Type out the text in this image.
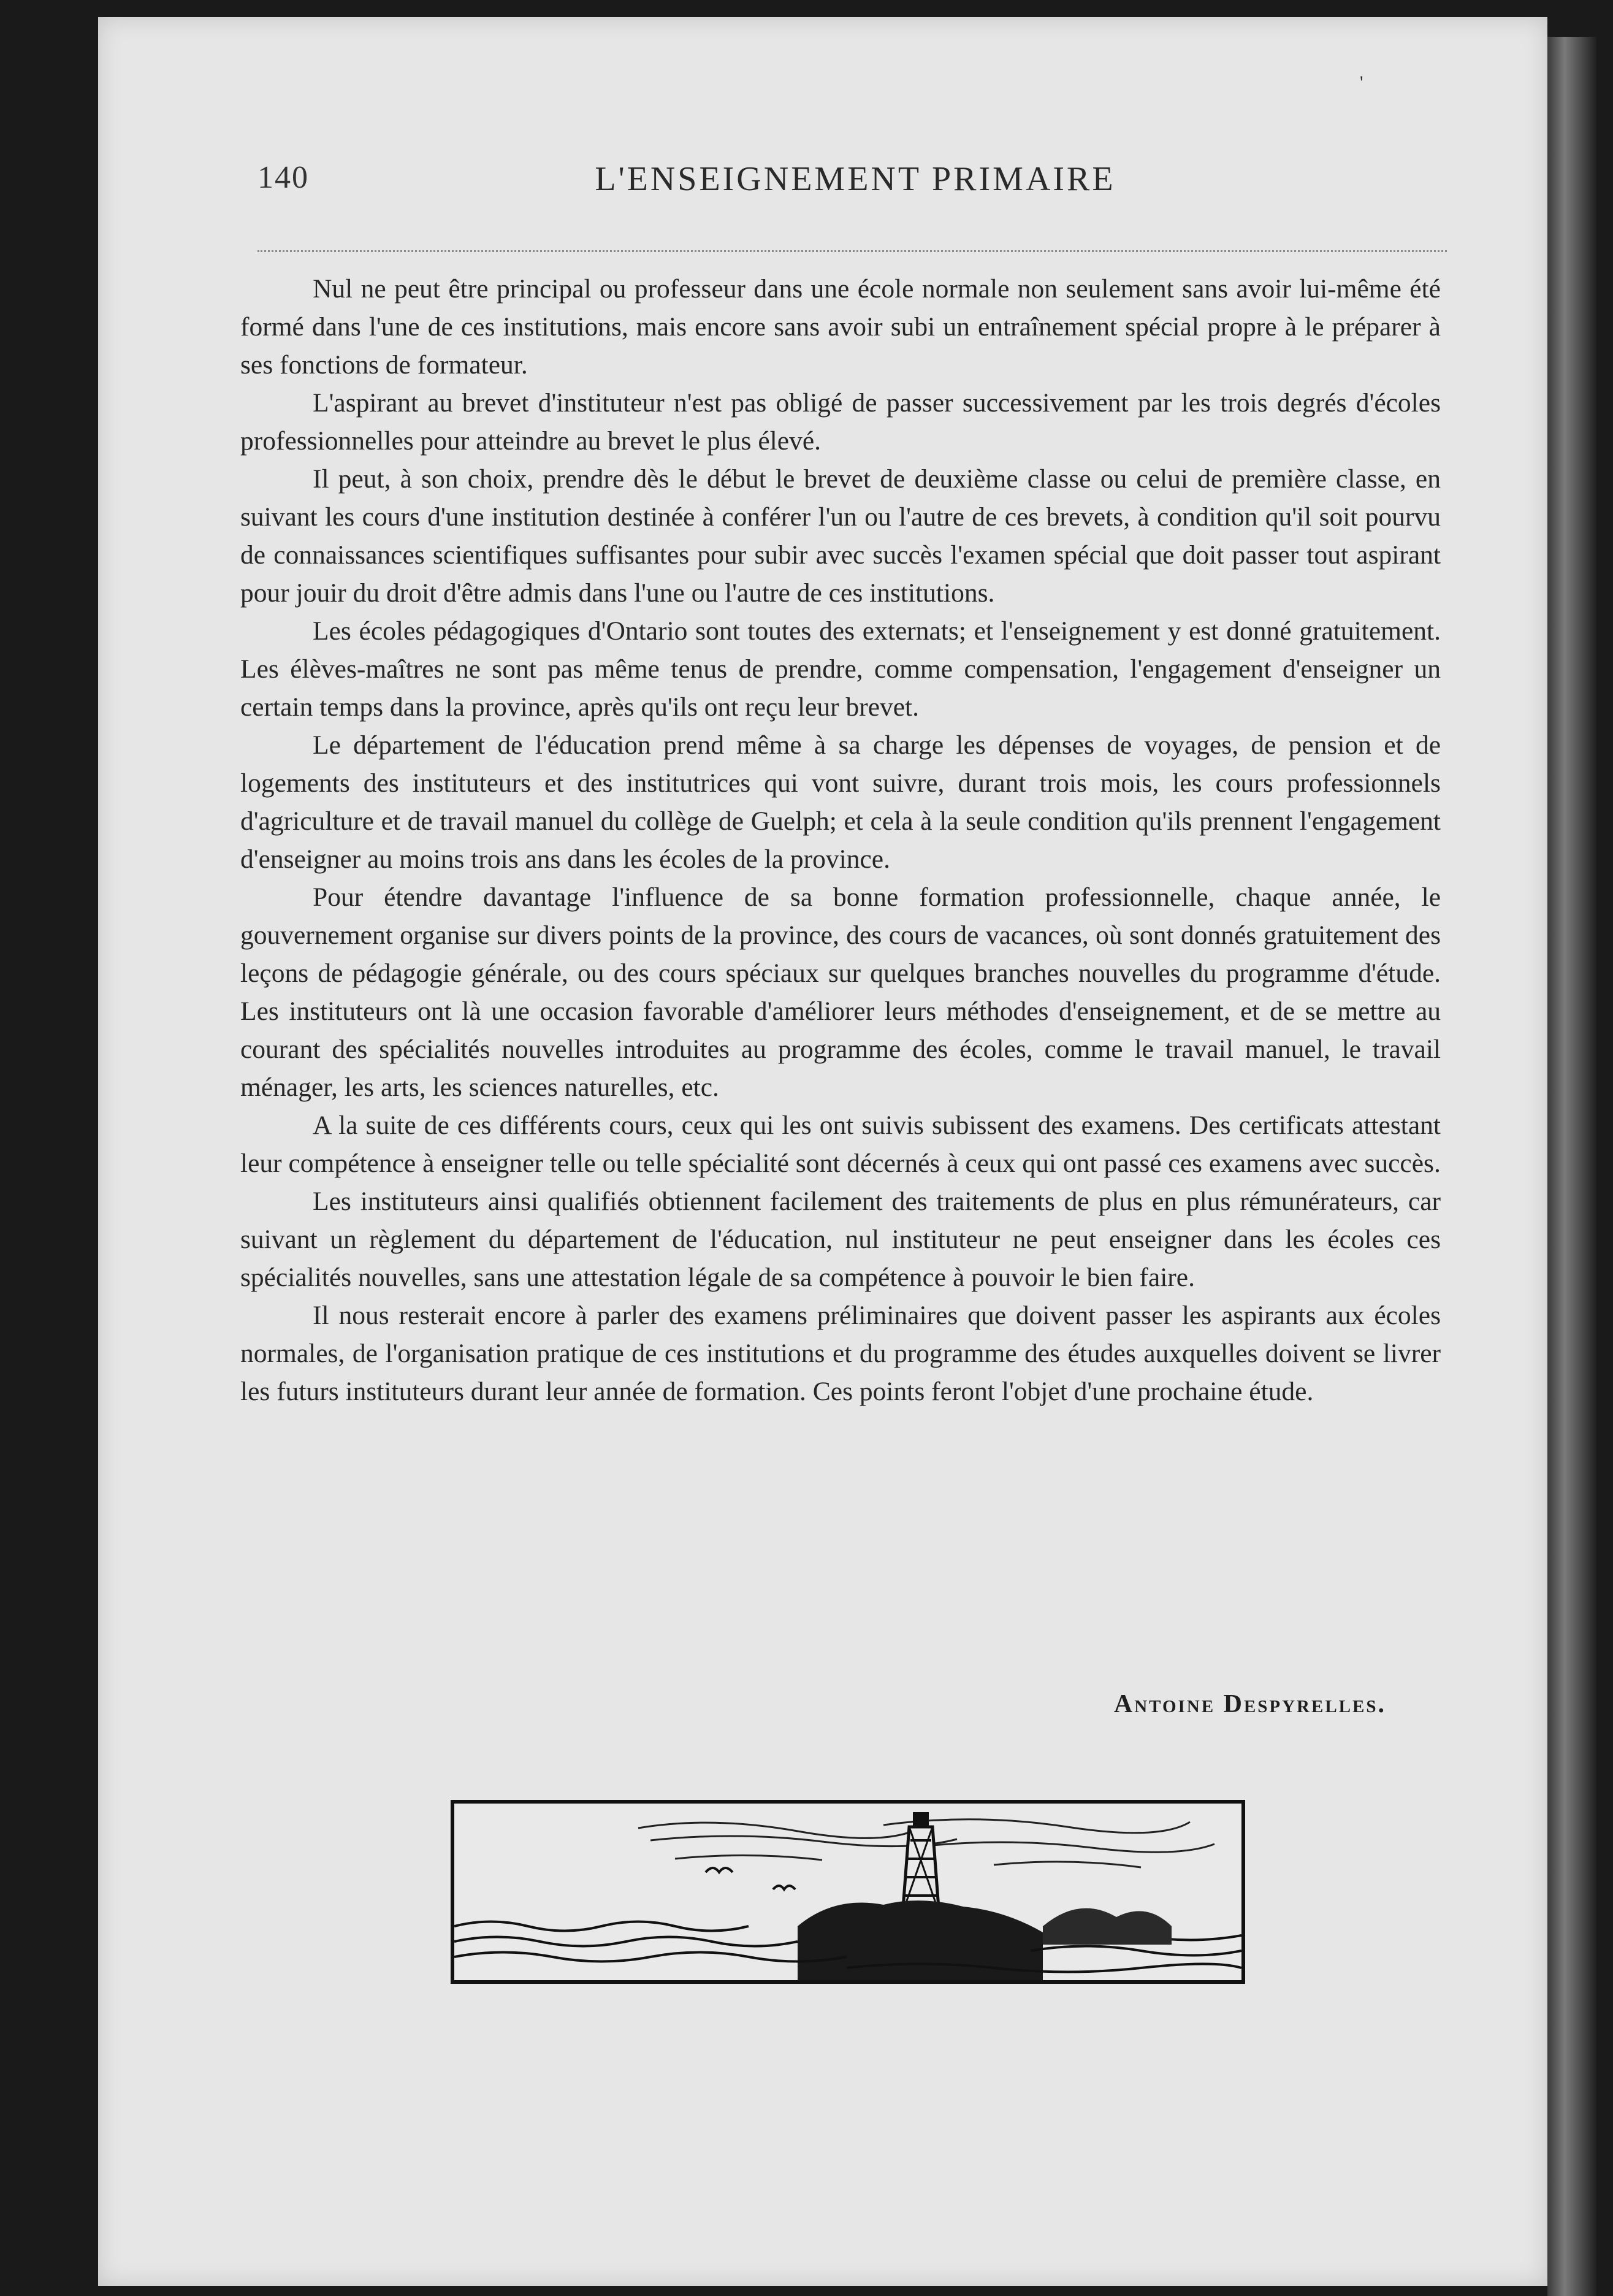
'
140	L'ENSEIGNEMENT PRIMAIRE

Nul ne peut être principal ou professeur dans une école normale non seulement sans avoir lui-même été formé dans l'une de ces institutions, mais encore sans avoir subi un entraînement spécial propre à le préparer à ses fonctions de formateur.

L'aspirant au brevet d'instituteur n'est pas obligé de passer successivement par les trois degrés d'écoles professionnelles pour atteindre au brevet le plus élevé.

Il peut, à son choix, prendre dès le début le brevet de deuxième classe ou celui de première classe, en suivant les cours d'une institution destinée à conférer l'un ou l'autre de ces brevets, à condition qu'il soit pourvu de connaissances scientifiques suffisantes pour subir avec succès l'examen spécial que doit passer tout aspirant pour jouir du droit d'être admis dans l'une ou l'autre de ces institutions.

Les écoles pédagogiques d'Ontario sont toutes des externats; et l'enseignement y est donné gratuitement. Les élèves-maîtres ne sont pas même tenus de prendre, comme compensation, l'engagement d'enseigner un certain temps dans la province, après qu'ils ont reçu leur brevet.

Le département de l'éducation prend même à sa charge les dépenses de voyages, de pension et de logements des instituteurs et des institutrices qui vont suivre, durant trois mois, les cours professionnels d'agriculture et de travail manuel du collège de Guelph; et cela à la seule condition qu'ils prennent l'engagement d'enseigner au moins trois ans dans les écoles de la province.

Pour étendre davantage l'influence de sa bonne formation professionnelle, chaque année, le gouvernement organise sur divers points de la province, des cours de vacances, où sont donnés gratuitement des leçons de pédagogie générale, ou des cours spéciaux sur quelques branches nouvelles du programme d'étude. Les instituteurs ont là une occasion favorable d'améliorer leurs méthodes d'enseignement, et de se mettre au courant des spécialités nouvelles introduites au programme des écoles, comme le travail manuel, le travail ménager, les arts, les sciences naturelles, etc.

A la suite de ces différents cours, ceux qui les ont suivis subissent des examens. Des certificats attestant leur compétence à enseigner telle ou telle spécialité sont décernés à ceux qui ont passé ces examens avec succès.

Les instituteurs ainsi qualifiés obtiennent facilement des traitements de plus en plus rémunérateurs, car suivant un règlement du département de l'éducation, nul instituteur ne peut enseigner dans les écoles ces spécialités nouvelles, sans une attestation légale de sa compétence à pouvoir le bien faire.

Il nous resterait encore à parler des examens préliminaires que doivent passer les aspirants aux écoles normales, de l'organisation pratique de ces institutions et du programme des études auxquelles doivent se livrer les futurs instituteurs durant leur année de formation. Ces points feront l'objet d'une prochaine étude.

Antoine Despyrelles.
